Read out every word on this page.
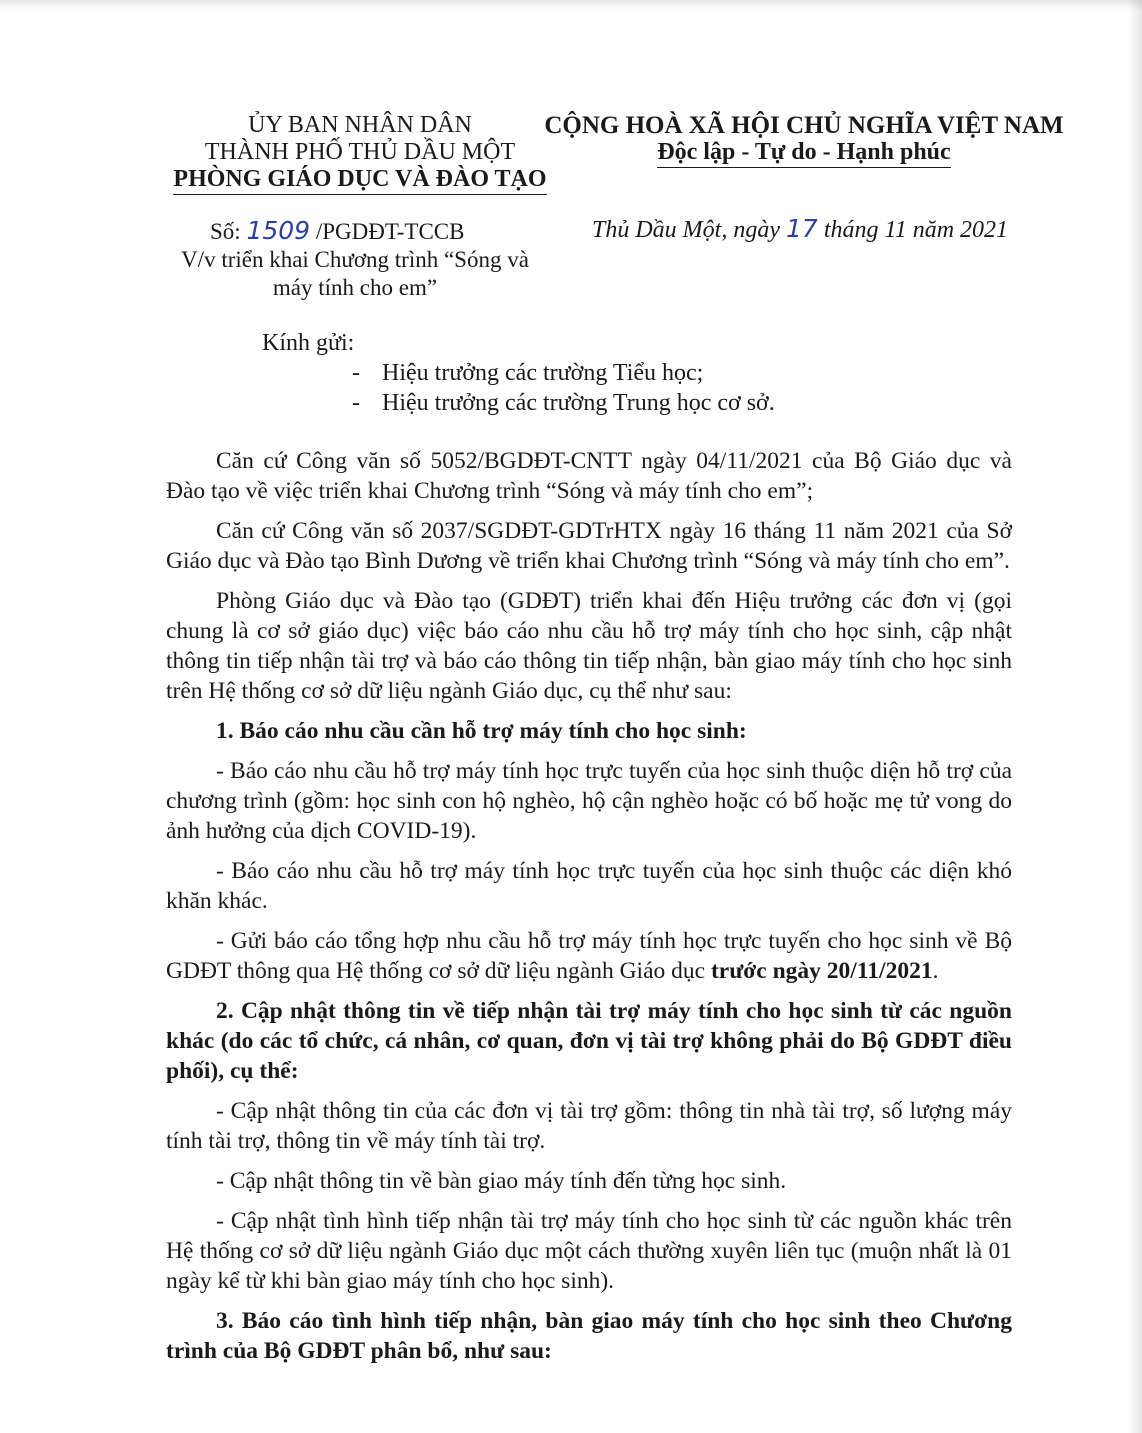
ỦY BAN NHÂN DÂN
THÀNH PHỐ THỦ DẦU MỘT
PHÒNG GIÁO DỤC VÀ ĐÀO TẠO
CỘNG HOÀ XÃ HỘI CHỦ NGHĨA VIỆT NAM
Độc lập - Tự do - Hạnh phúc
Số: 1509 /PGDĐT-TCCB
V/v triển khai Chương trình “Sóng và
máy tính cho em”
Thủ Dầu Một, ngày 17 tháng 11 năm 2021
Kính gửi:
- Hiệu trưởng các trường Tiểu học;
- Hiệu trưởng các trường Trung học cơ sở.

Căn cứ Công văn số 5052/BGDĐT-CNTT ngày 04/11/2021 của Bộ Giáo dục và Đào tạo về việc triển khai Chương trình “Sóng và máy tính cho em”;

Căn cứ Công văn số 2037/SGDĐT-GDTrHTX ngày 16 tháng 11 năm 2021 của Sở Giáo dục và Đào tạo Bình Dương về triển khai Chương trình “Sóng và máy tính cho em”.

Phòng Giáo dục và Đào tạo (GDĐT) triển khai đến Hiệu trưởng các đơn vị (gọi chung là cơ sở giáo dục) việc báo cáo nhu cầu hỗ trợ máy tính cho học sinh, cập nhật thông tin tiếp nhận tài trợ và báo cáo thông tin tiếp nhận, bàn giao máy tính cho học sinh trên Hệ thống cơ sở dữ liệu ngành Giáo dục, cụ thể như sau:

1. Báo cáo nhu cầu cần hỗ trợ máy tính cho học sinh:

- Báo cáo nhu cầu hỗ trợ máy tính học trực tuyến của học sinh thuộc diện hỗ trợ của chương trình (gồm: học sinh con hộ nghèo, hộ cận nghèo hoặc có bố hoặc mẹ tử vong do ảnh hưởng của dịch COVID-19).

- Báo cáo nhu cầu hỗ trợ máy tính học trực tuyến của học sinh thuộc các diện khó khăn khác.

- Gửi báo cáo tổng hợp nhu cầu hỗ trợ máy tính học trực tuyến cho học sinh về Bộ GDĐT thông qua Hệ thống cơ sở dữ liệu ngành Giáo dục trước ngày 20/11/2021.

2. Cập nhật thông tin về tiếp nhận tài trợ máy tính cho học sinh từ các nguồn khác (do các tổ chức, cá nhân, cơ quan, đơn vị tài trợ không phải do Bộ GDĐT điều phối), cụ thể:

- Cập nhật thông tin của các đơn vị tài trợ gồm: thông tin nhà tài trợ, số lượng máy tính tài trợ, thông tin về máy tính tài trợ.

- Cập nhật thông tin về bàn giao máy tính đến từng học sinh.

- Cập nhật tình hình tiếp nhận tài trợ máy tính cho học sinh từ các nguồn khác trên Hệ thống cơ sở dữ liệu ngành Giáo dục một cách thường xuyên liên tục (muộn nhất là 01 ngày kể từ khi bàn giao máy tính cho học sinh).

3. Báo cáo tình hình tiếp nhận, bàn giao máy tính cho học sinh theo Chương trình của Bộ GDĐT phân bổ, như sau:
